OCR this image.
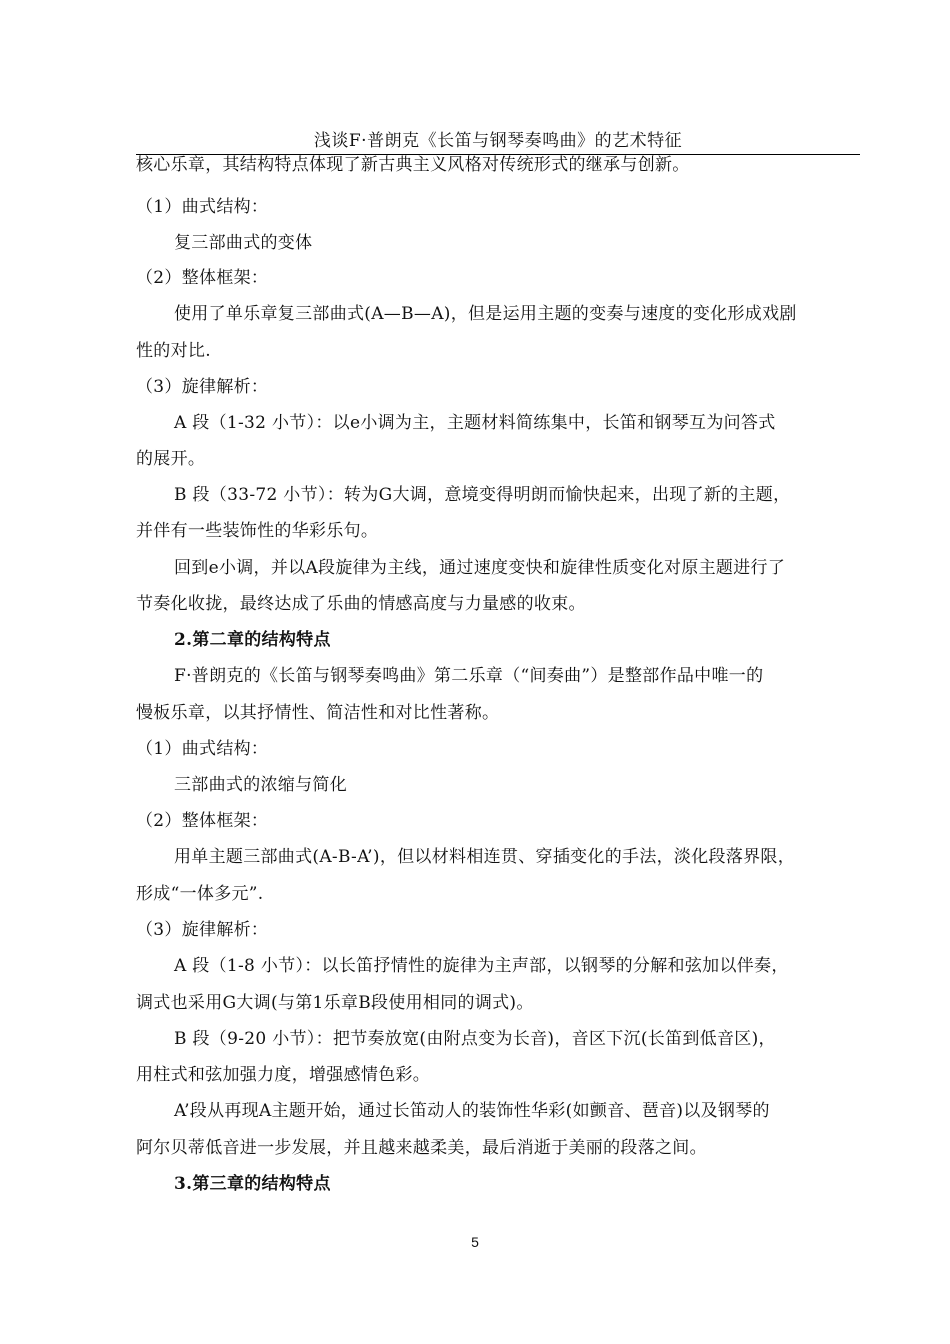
浅谈F·普朗克《长笛与钢琴奏鸣曲》的艺术特征
核心乐章，其结构特点体现了新古典主义风格对传统形式的继承与创新。
（1）曲式结构：
复三部曲式的变体
（2）整体框架：
使用了单乐章复三部曲式(A—B—A)，但是运用主题的变奏与速度的变化形成戏剧
性的对比.
（3）旋律解析：
A 段（1-32 小节）：以e小调为主，主题材料简练集中，长笛和钢琴互为问答式
的展开。
B 段（33-72 小节）：转为G大调，意境变得明朗而愉快起来，出现了新的主题，
并伴有一些装饰性的华彩乐句。
回到e小调，并以A段旋律为主线，通过速度变快和旋律性质变化对原主题进行了
节奏化收拢，最终达成了乐曲的情感高度与力量感的收束。
2.第二章的结构特点
F·普朗克的《长笛与钢琴奏鸣曲》第二乐章（“间奏曲”）是整部作品中唯一的
慢板乐章，以其抒情性、简洁性和对比性著称。
（1）曲式结构：
三部曲式的浓缩与简化
（2）整体框架：
用单主题三部曲式(A-B-A’)，但以材料相连贯、穿插变化的手法，淡化段落界限，
形成“一体多元”.
（3）旋律解析：
A 段（1-8 小节）：以长笛抒情性的旋律为主声部，以钢琴的分解和弦加以伴奏，
调式也采用G大调(与第1乐章B段使用相同的调式)。
B 段（9-20 小节）：把节奏放宽(由附点变为长音)，音区下沉(长笛到低音区)，
用柱式和弦加强力度，增强感情色彩。
A’段从再现A主题开始，通过长笛动人的装饰性华彩(如颤音、琶音)以及钢琴的
阿尔贝蒂低音进一步发展，并且越来越柔美，最后消逝于美丽的段落之间。
3.第三章的结构特点
5
